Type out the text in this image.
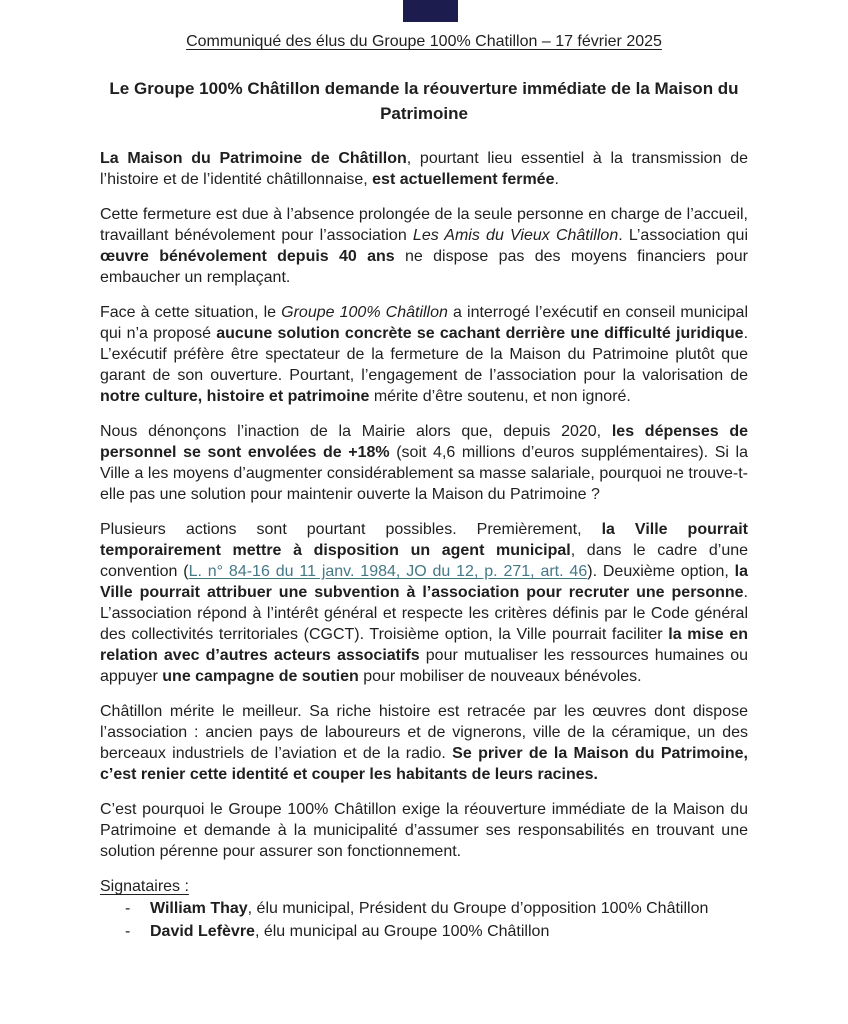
Communiqué des élus du Groupe 100% Chatillon – 17 février 2025
Le Groupe 100% Châtillon demande la réouverture immédiate de la Maison du Patrimoine

La Maison du Patrimoine de Châtillon, pourtant lieu essentiel à la transmission de l’histoire et de l’identité châtillonnaise, est actuellement fermée.

Cette fermeture est due à l’absence prolongée de la seule personne en charge de l’accueil, travaillant bénévolement pour l’association Les Amis du Vieux Châtillon. L’association qui œuvre bénévolement depuis 40 ans ne dispose pas des moyens financiers pour embaucher un remplaçant.

Face à cette situation, le Groupe 100% Châtillon a interrogé l’exécutif en conseil municipal qui n’a proposé aucune solution concrète se cachant derrière une difficulté juridique. L’exécutif préfère être spectateur de la fermeture de la Maison du Patrimoine plutôt que garant de son ouverture. Pourtant, l’engagement de l’association pour la valorisation de notre culture, histoire et patrimoine mérite d’être soutenu, et non ignoré.

Nous dénonçons l’inaction de la Mairie alors que, depuis 2020, les dépenses de personnel se sont envolées de +18% (soit 4,6 millions d’euros supplémentaires). Si la Ville a les moyens d’augmenter considérablement sa masse salariale, pourquoi ne trouve-t-elle pas une solution pour maintenir ouverte la Maison du Patrimoine ?

Plusieurs actions sont pourtant possibles. Premièrement, la Ville pourrait temporairement mettre à disposition un agent municipal, dans le cadre d’une convention (L. n° 84-16 du 11 janv. 1984, JO du 12, p. 271, art. 46). Deuxième option, la Ville pourrait attribuer une subvention à l’association pour recruter une personne. L’association répond à l’intérêt général et respecte les critères définis par le Code général des collectivités territoriales (CGCT). Troisième option, la Ville pourrait faciliter la mise en relation avec d’autres acteurs associatifs pour mutualiser les ressources humaines ou appuyer une campagne de soutien pour mobiliser de nouveaux bénévoles.

Châtillon mérite le meilleur. Sa riche histoire est retracée par les œuvres dont dispose l’association : ancien pays de laboureurs et de vignerons, ville de la céramique, un des berceaux industriels de l’aviation et de la radio. Se priver de la Maison du Patrimoine, c’est renier cette identité et couper les habitants de leurs racines.

C’est pourquoi le Groupe 100% Châtillon exige la réouverture immédiate de la Maison du Patrimoine et demande à la municipalité d’assumer ses responsabilités en trouvant une solution pérenne pour assurer son fonctionnement.

Signataires :
-	William Thay, élu municipal, Président du Groupe d’opposition 100% Châtillon
-	David Lefèvre, élu municipal au Groupe 100% Châtillon
